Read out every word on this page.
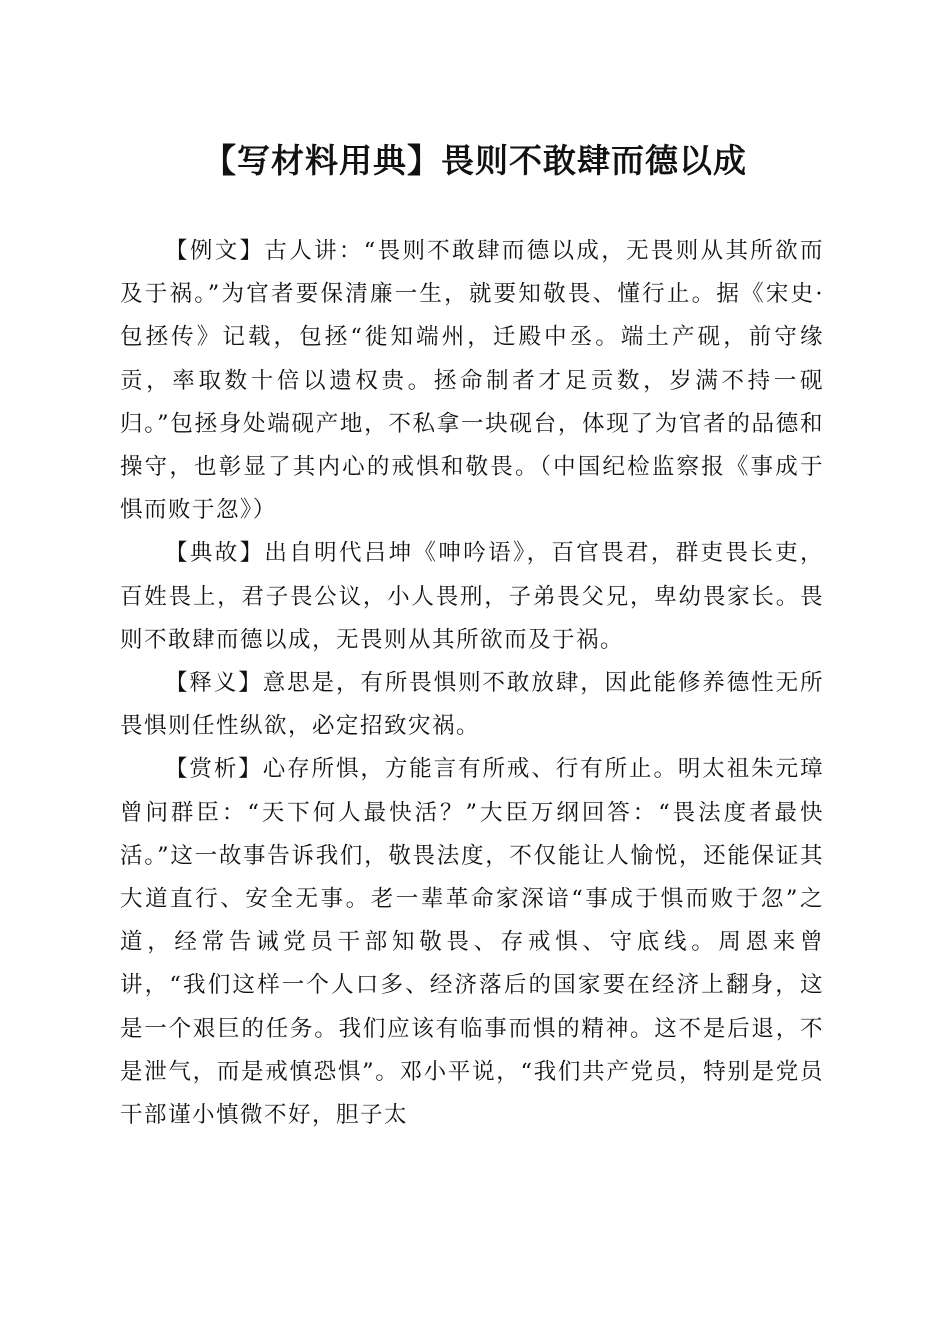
【写材料用典】畏则不敢肆而德以成

【例文】古人讲：“畏则不敢肆而德以成，无畏则从其所欲而及于祸。”为官者要保清廉一生，就要知敬畏、懂行止。据《宋史·包拯传》记载，包拯“徙知端州，迁殿中丞。端土产砚，前守缘贡，率取数十倍以遗权贵。拯命制者才足贡数，岁满不持一砚归。”包拯身处端砚产地，不私拿一块砚台，体现了为官者的品德和操守，也彰显了其内心的戒惧和敬畏。（中国纪检监察报《事成于惧而败于忽》）

【典故】出自明代吕坤《呻吟语》，百官畏君，群吏畏长吏，百姓畏上，君子畏公议，小人畏刑，子弟畏父兄，卑幼畏家长。畏则不敢肆而德以成，无畏则从其所欲而及于祸。

【释义】意思是，有所畏惧则不敢放肆，因此能修养德性无所畏惧则任性纵欲，必定招致灾祸。

【赏析】心存所惧，方能言有所戒、行有所止。明太祖朱元璋曾问群臣：“天下何人最快活？”大臣万纲回答：“畏法度者最快活。”这一故事告诉我们，敬畏法度，不仅能让人愉悦，还能保证其大道直行、安全无事。老一辈革命家深谙“事成于惧而败于忽”之道，经常告诫党员干部知敬畏、存戒惧、守底线。周恩来曾讲，“我们这样一个人口多、经济落后的国家要在经济上翻身，这是一个艰巨的任务。我们应该有临事而惧的精神。这不是后退，不是泄气，而是戒慎恐惧”。邓小平说，“我们共产党员，特别是党员干部谨小慎微不好，胆子太
